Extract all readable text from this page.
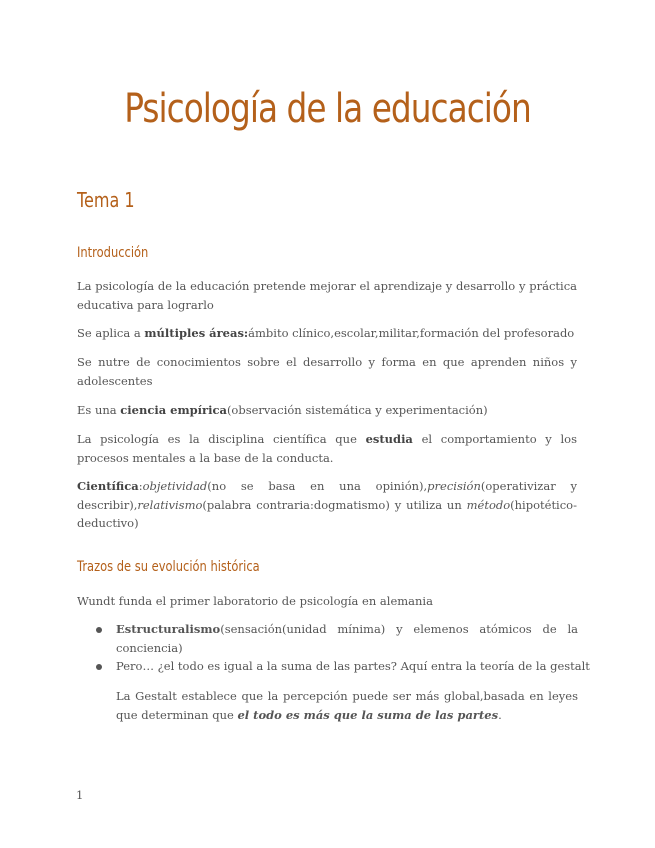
Psicología de la educación
Tema 1
Introducción
La psicología de la educación pretende mejorar el aprendizaje y desarrollo y práctica educativa para lograrlo
Se aplica a múltiples áreas:ámbito clínico,escolar,militar,formación del profesorado
Se nutre de conocimientos sobre el desarrollo y forma en que aprenden niños y adolescentes
Es una ciencia empírica(observación sistemática y experimentación)
La psicología es la disciplina científica que estudia el comportamiento y los procesos mentales a la base de la conducta.
Científica:objetividad(no se basa en una opinión),precisión(operativizar y describir),relativismo(palabra contraria:dogmatismo) y utiliza un método(hipotético-deductivo)
Trazos de su evolución histórica
Wundt funda el primer laboratorio de psicología en alemania
Estructuralismo(sensación(unidad mínima) y elemenos atómicos de la conciencia)
Pero… ¿el todo es igual a la suma de las partes? Aquí entra la teoría de la gestalt
La Gestalt establece que la percepción puede ser más global,basada en leyes que determinan que el todo es más que la suma de las partes.
1
